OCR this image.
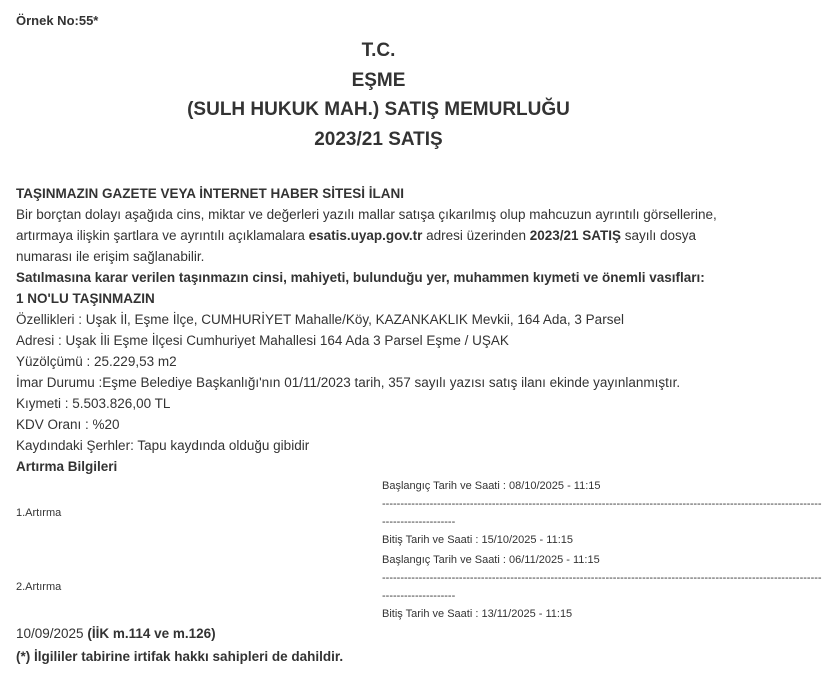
Örnek No:55*
T.C.
EŞME
(SULH HUKUK MAH.) SATIŞ MEMURLUĞU
2023/21 SATIŞ

TAŞINMAZIN GAZETE VEYA İNTERNET HABER SİTESİ İLANI

Bir borçtan dolayı aşağıda cins, miktar ve değerleri yazılı mallar satışa çıkarılmış olup mahcuzun ayrıntılı görsellerine, artırmaya ilişkin şartlara ve ayrıntılı açıklamalara esatis.uyap.gov.tr adresi üzerinden 2023/21 SATIŞ sayılı dosya numarası ile erişim sağlanabilir.

Satılmasına karar verilen taşınmazın cinsi, mahiyeti, bulunduğu yer, muhammen kıymeti ve önemli vasıfları:

1 NO'LU TAŞINMAZIN

Özellikleri : Uşak İl, Eşme İlçe, CUMHURİYET Mahalle/Köy, KAZANKAKLIK Mevkii, 164 Ada, 3 Parsel

Adresi : Uşak İli Eşme İlçesi Cumhuriyet Mahallesi 164 Ada 3 Parsel Eşme / UŞAK

Yüzölçümü : 25.229,53 m2

İmar Durumu :Eşme Belediye Başkanlığı'nın 01/11/2023 tarih, 357 sayılı yazısı satış ilanı ekinde yayınlanmıştır.

Kıymeti : 5.503.826,00 TL

KDV Oranı : %20

Kaydındaki Şerhler: Tapu kaydında olduğu gibidir

Artırma Bilgileri

Başlangıç Tarih ve Saati : 08/10/2025 - 11:15
1.Artırma
------------------------------------------------------------------------------------------------------------------------
--------------------
Bitiş Tarih ve Saati : 15/10/2025 - 11:15
Başlangıç Tarih ve Saati : 06/11/2025 - 11:15
2.Artırma
------------------------------------------------------------------------------------------------------------------------
--------------------
Bitiş Tarih ve Saati : 13/11/2025 - 11:15
10/09/2025 (İİK m.114 ve m.126)
(*) İlgililer tabirine irtifak hakkı sahipleri de dahildir.
